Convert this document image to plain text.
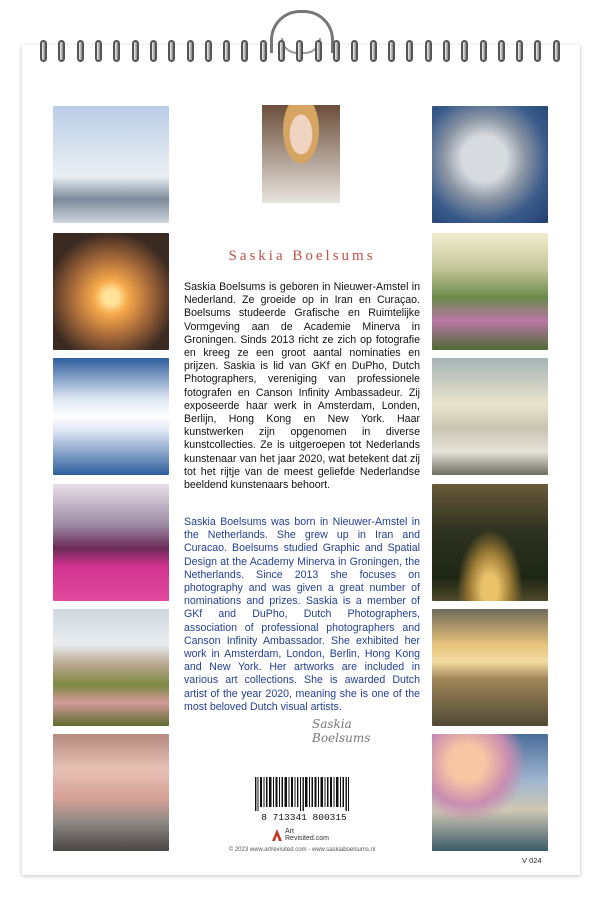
Saskia Boelsums

Saskia Boelsums is geboren in Nieuwer-Amstel in Nederland. Ze groeide op in Iran en Curaçao. Boelsums studeerde Grafische en Ruimtelijke Vormgeving aan de Academie Minerva in Groningen. Sinds 2013 richt ze zich op fotografie en kreeg ze een groot aantal nominaties en prijzen. Saskia is lid van GKf en DuPho, Dutch Photographers, vereniging van professionele fotografen en Canson Infinity Ambassadeur. Zij exposeerde haar werk in Amsterdam, Londen, Berlijn, Hong Kong en New York. Haar kunstwerken zijn opgenomen in diverse kunstcollecties. Ze is uitgeroepen tot Nederlands kunstenaar van het jaar 2020, wat betekent dat zij tot het rijtje van de meest geliefde Nederlandse beeldend kunstenaars behoort.

Saskia Boelsums was born in Nieuwer-Amstel in the Netherlands. She grew up in Iran and Curacao. Boelsums studied Graphic and Spatial Design at the Academy Minerva in Groningen, the Netherlands. Since 2013 she focuses on photography and was given a great number of nominations and prizes. Saskia is a member of GKf and DuPho, Dutch Photographers, association of professional photographers and Canson Infinity Ambassador. She exhibited her work in Amsterdam, London, Berlin, Hong Kong and New York. Her artworks are included in various art collections. She is awarded Dutch artist of the year 2020, meaning she is one of the most beloved Dutch visual artists.

Saskia Boelsums
8 713341 800315
Art
Revisited.com
© 2023 www.artrevisited.com - www.saskiaboelsums.nl
V 024
